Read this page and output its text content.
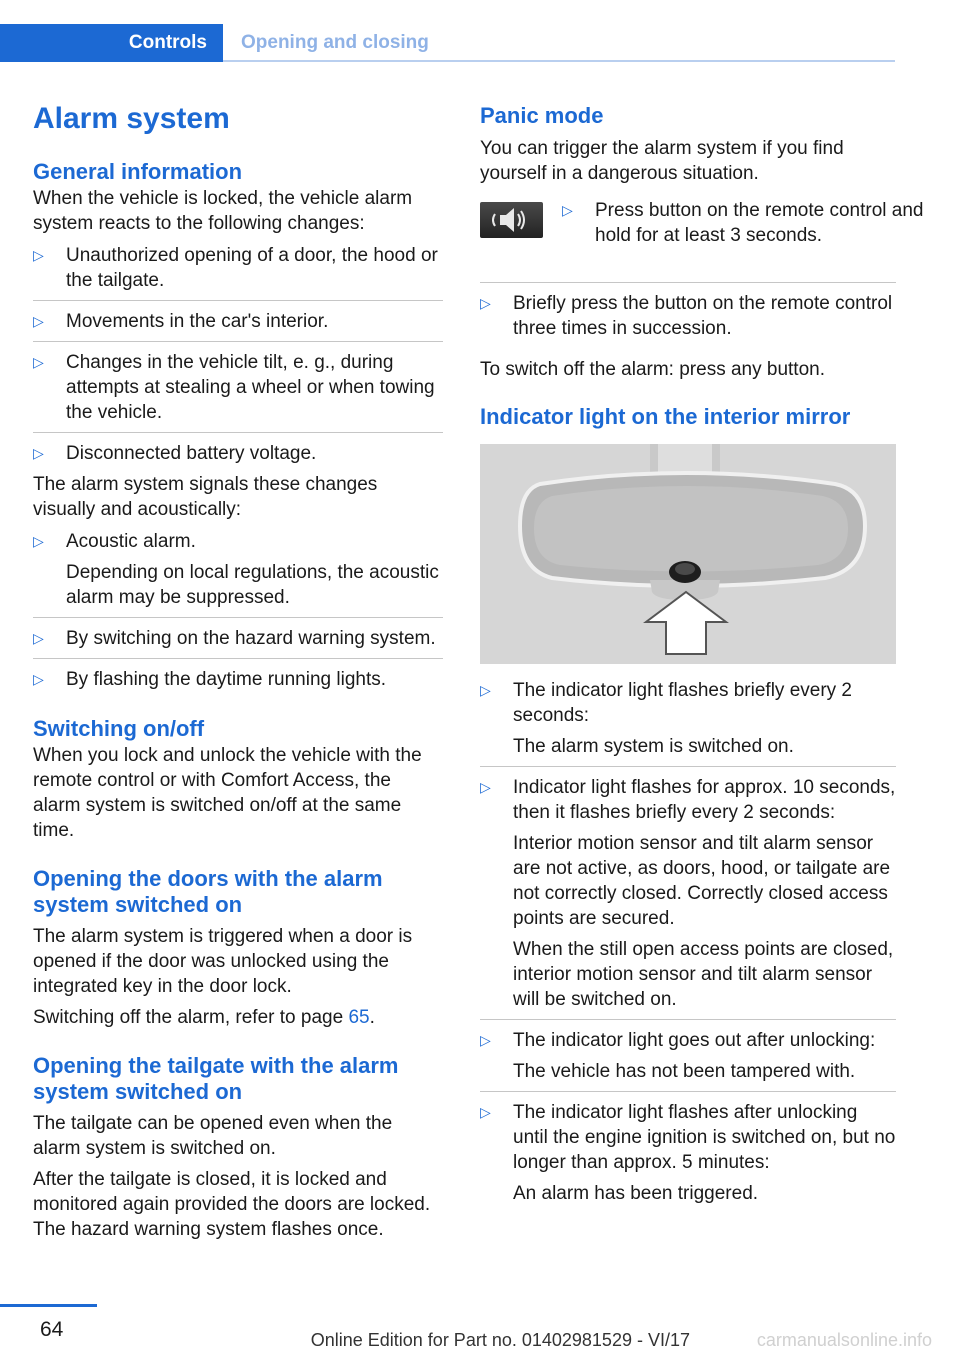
Controls	Opening and closing
Alarm system
General information

When the vehicle is locked, the vehicle alarm system reacts to the following changes:

▷ Unauthorized opening of a door, the hood or the tailgate.
▷ Movements in the car's interior.
▷ Changes in the vehicle tilt, e. g., during attempts at stealing a wheel or when towing the vehicle.
▷ Disconnected battery voltage.

The alarm system signals these changes visually and acoustically:

▷ Acoustic alarm.
Depending on local regulations, the acoustic alarm may be suppressed.
▷ By switching on the hazard warning system.
▷ By flashing the daytime running lights.
Switching on/off

When you lock and unlock the vehicle with the remote control or with Comfort Access, the alarm system is switched on/off at the same time.

Opening the doors with the alarm system switched on

The alarm system is triggered when a door is opened if the door was unlocked using the integrated key in the door lock.

Switching off the alarm, refer to page 65.

Opening the tailgate with the alarm system switched on

The tailgate can be opened even when the alarm system is switched on.

After the tailgate is closed, it is locked and monitored again provided the doors are locked. The hazard warning system flashes once.

Panic mode

You can trigger the alarm system if you find yourself in a dangerous situation.

▷ Press button on the remote control and hold for at least 3 seconds.
▷ Briefly press the button on the remote control three times in succession.

To switch off the alarm: press any button.

Indicator light on the interior mirror
▷ The indicator light flashes briefly every 2 seconds:
The alarm system is switched on.
▷ Indicator light flashes for approx. 10 seconds, then it flashes briefly every 2 seconds:
Interior motion sensor and tilt alarm sensor are not active, as doors, hood, or tailgate are not correctly closed. Correctly closed access points are secured.
When the still open access points are closed, interior motion sensor and tilt alarm sensor will be switched on.
▷ The indicator light goes out after unlocking:
The vehicle has not been tampered with.
▷ The indicator light flashes after unlocking until the engine ignition is switched on, but no longer than approx. 5 minutes:
An alarm has been triggered.
64	Online Edition for Part no. 01402981529 - VI/17	carmanualsonline.info
